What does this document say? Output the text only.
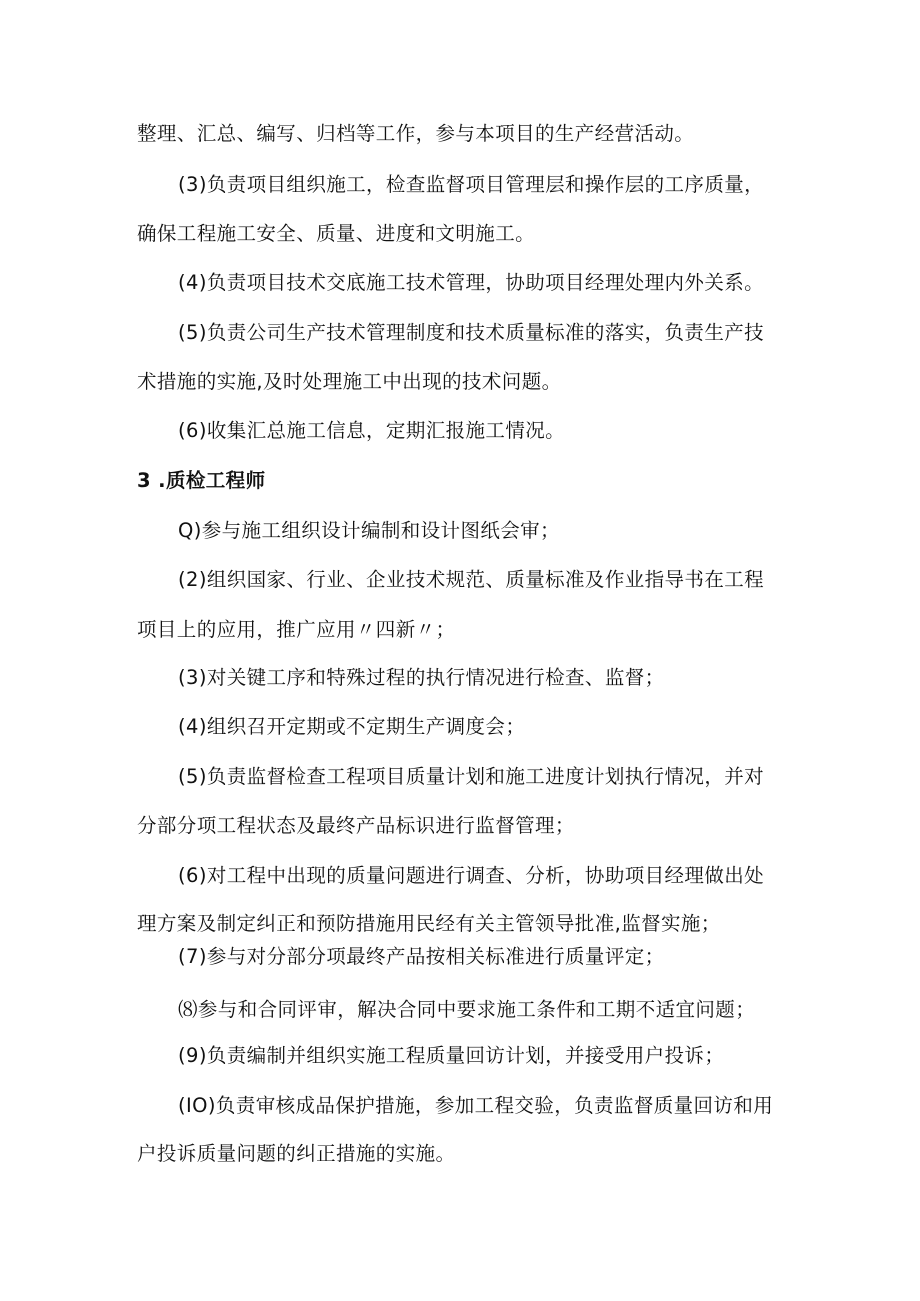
整理、汇总、编写、归档等工作，参与本项目的生产经营活动。
(3)负责项目组织施工，检查监督项目管理层和操作层的工序质量，
确保工程施工安全、质量、进度和文明施工。
(4)负责项目技术交底施工技术管理，协助项目经理处理内外关系。
(5)负责公司生产技术管理制度和技术质量标准的落实，负责生产技
术措施的实施,及时处理施工中出现的技术问题。
(6)收集汇总施工信息，定期汇报施工情况。
3 .质检工程师
Q)参与施工组织设计编制和设计图纸会审；
(2)组织国家、行业、企业技术规范、质量标准及作业指导书在工程
项目上的应用，推广应用〃四新〃；
(3)对关键工序和特殊过程的执行情况进行检查、监督；
(4)组织召开定期或不定期生产调度会；
(5)负责监督检查工程项目质量计划和施工进度计划执行情况，并对
分部分项工程状态及最终产品标识进行监督管理；
(6)对工程中出现的质量问题进行调查、分析，协助项目经理做出处
理方案及制定纠正和预防措施用民经有关主管领导批准,监督实施；
(7)参与对分部分项最终产品按相关标准进行质量评定；
⑻参与和合同评审，解决合同中要求施工条件和工期不适宜问题；
(9)负责编制并组织实施工程质量回访计划，并接受用户投诉；
(IO)负责审核成品保护措施，参加工程交验，负责监督质量回访和用
户投诉质量问题的纠正措施的实施。
